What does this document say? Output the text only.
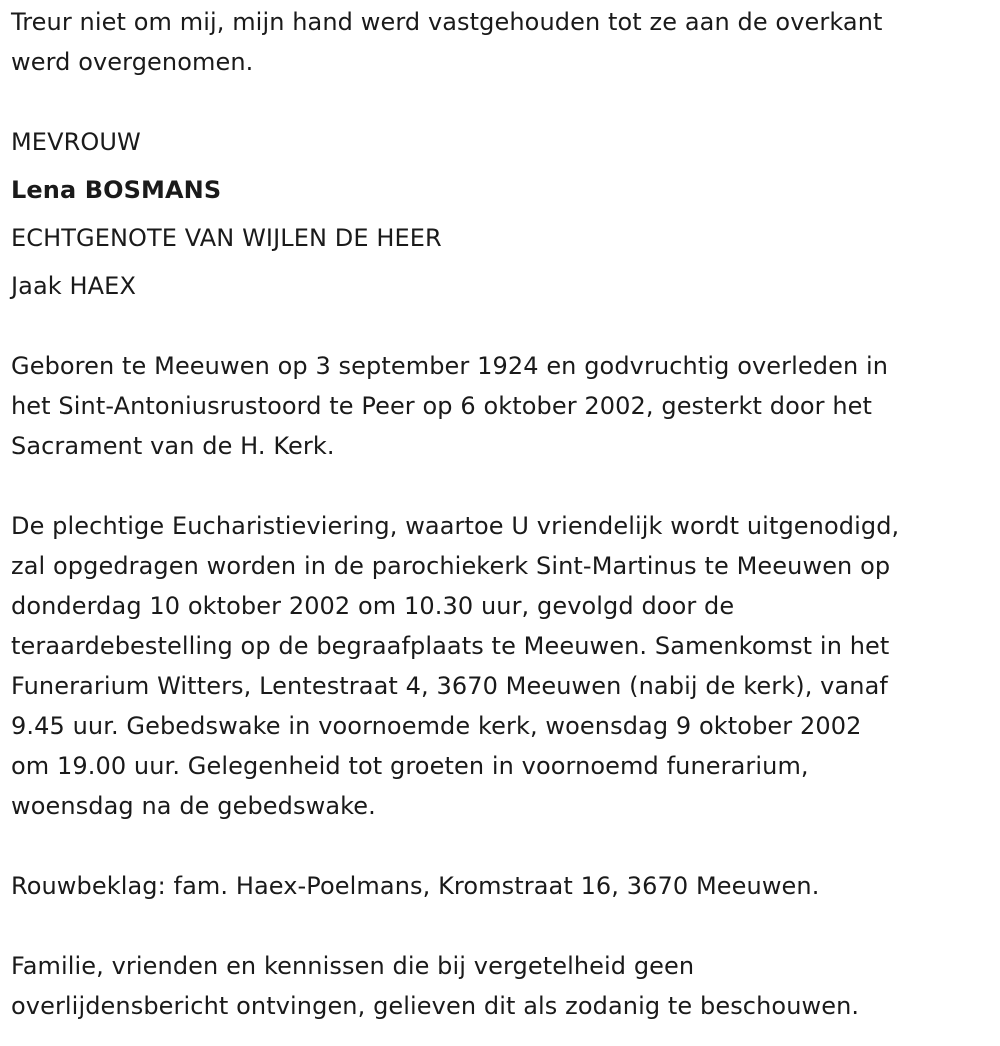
Treur niet om mij, mijn hand werd vastgehouden tot ze aan de overkant
werd overgenomen.

MEVROUW
Lena BOSMANS
ECHTGENOTE VAN WIJLEN DE HEER
Jaak HAEX

Geboren te Meeuwen op 3 september 1924 en godvruchtig overleden in
het Sint-Antoniusrustoord te Peer op 6 oktober 2002, gesterkt door het
Sacrament van de H. Kerk.

De plechtige Eucharistieviering, waartoe U vriendelijk wordt uitgenodigd,
zal opgedragen worden in de parochiekerk Sint-Martinus te Meeuwen op
donderdag 10 oktober 2002 om 10.30 uur, gevolgd door de
teraardebestelling op de begraafplaats te Meeuwen. Samenkomst in het
Funerarium Witters, Lentestraat 4, 3670 Meeuwen (nabij de kerk), vanaf
9.45 uur. Gebedswake in voornoemde kerk, woensdag 9 oktober 2002
om 19.00 uur. Gelegenheid tot groeten in voornoemd funerarium,
woensdag na de gebedswake.

Rouwbeklag: fam. Haex-Poelmans, Kromstraat 16, 3670 Meeuwen.

Familie, vrienden en kennissen die bij vergetelheid geen
overlijdensbericht ontvingen, gelieven dit als zodanig te beschouwen.
